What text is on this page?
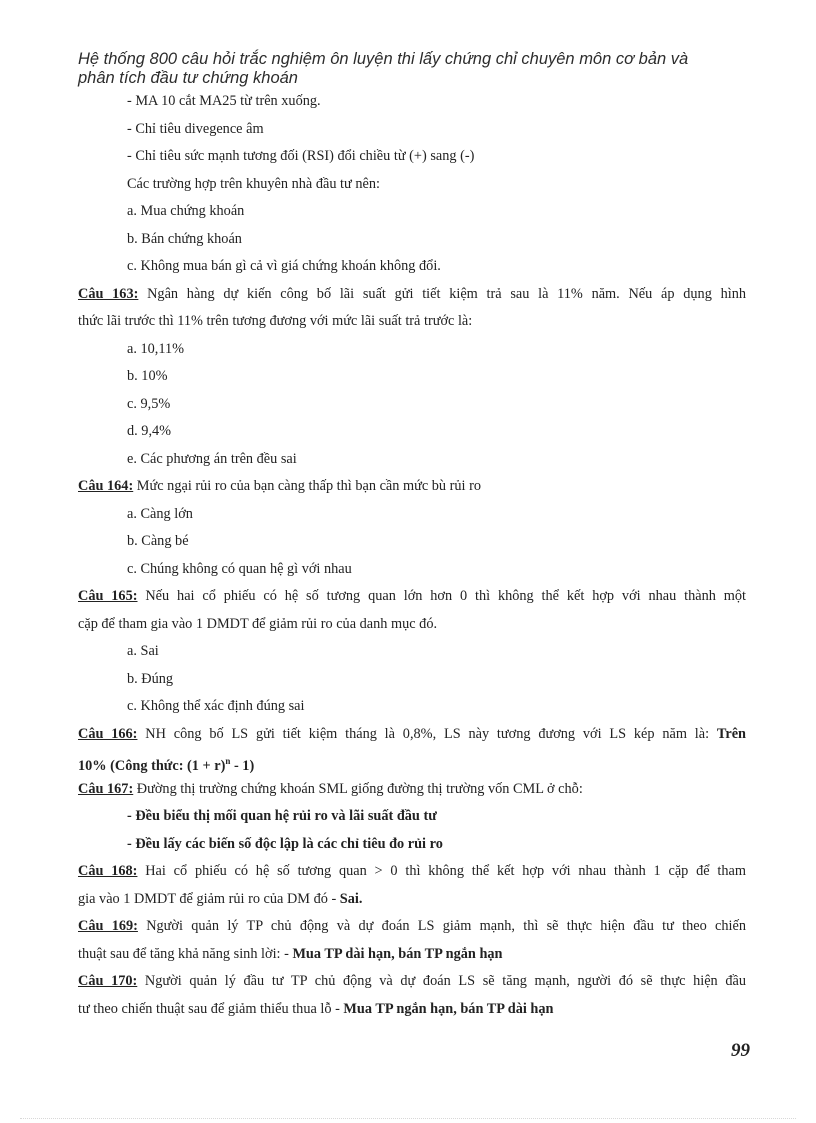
Hệ thống 800 câu hỏi trắc nghiệm ôn luyện thi lấy chứng chỉ chuyên môn cơ bản và
phân tích đầu tư chứng khoán
- MA 10 cắt MA25 từ trên xuống.
- Chỉ tiêu divegence âm
- Chỉ tiêu sức mạnh tương đối (RSI) đổi chiều từ (+) sang (-)
Các trường hợp trên khuyên nhà đầu tư nên:
a. Mua chứng khoán
b. Bán chứng khoán
c. Không mua bán gì cả vì giá chứng khoán không đổi.
Câu 163: Ngân hàng dự kiến công bố lãi suất gửi tiết kiệm trả sau là 11% năm. Nếu áp dụng hình
thức lãi trước thì 11% trên tương đương với mức lãi suất trả trước là:
a. 10,11%
b. 10%
c. 9,5%
d. 9,4%
e. Các phương án trên đều sai
Câu 164: Mức ngại rủi ro của bạn càng thấp thì bạn cần mức bù rủi ro
a. Càng lớn
b. Càng bé
c. Chúng không có quan hệ gì với nhau
Câu 165: Nếu hai cổ phiếu có hệ số tương quan lớn hơn 0 thì không thể kết hợp với nhau thành một
cặp để tham gia vào 1 DMDT để giảm rủi ro của danh mục đó.
a. Sai
b. Đúng
c. Không thể xác định đúng sai
Câu 166: NH công bố LS gửi tiết kiệm tháng là 0,8%, LS này tương đương với LS kép năm là: Trên
10% (Công thức: $(1 + r)^n - 1$)
Câu 167: Đường thị trường chứng khoán SML giống đường thị trường vốn CML ở chỗ:
- Đều biểu thị mối quan hệ rủi ro và lãi suất đầu tư
- Đều lấy các biến số độc lập là các chỉ tiêu đo rủi ro
Câu 168: Hai cổ phiếu có hệ số tương quan > 0 thì không thể kết hợp với nhau thành 1 cặp để tham
gia vào 1 DMDT để giảm rủi ro của DM đó - Sai.
Câu 169: Người quản lý TP chủ động và dự đoán LS giảm mạnh, thì sẽ thực hiện đầu tư theo chiến
thuật sau để tăng khả năng sinh lời: - Mua TP dài hạn, bán TP ngắn hạn
Câu 170: Người quản lý đầu tư TP chủ động và dự đoán LS sẽ tăng mạnh, người đó sẽ thực hiện đầu
tư theo chiến thuật sau để giảm thiểu thua lỗ - Mua TP ngắn hạn, bán TP dài hạn
99
